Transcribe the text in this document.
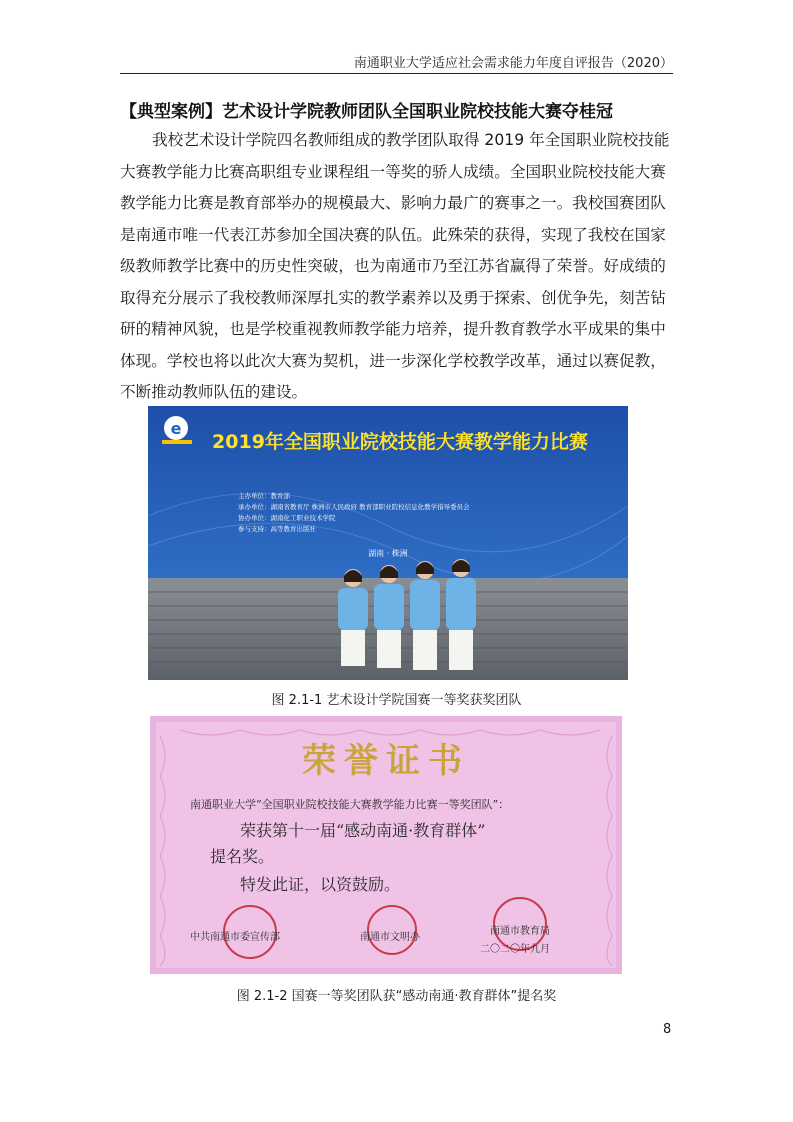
南通职业大学适应社会需求能力年度自评报告（2020）
【典型案例】艺术设计学院教师团队全国职业院校技能大赛夺桂冠
我校艺术设计学院四名教师组成的教学团队取得 2019 年全国职业院校技能
大赛教学能力比赛高职组专业课程组一等奖的骄人成绩。全国职业院校技能大赛
教学能力比赛是教育部举办的规模最大、影响力最广的赛事之一。我校国赛团队
是南通市唯一代表江苏参加全国决赛的队伍。此殊荣的获得，实现了我校在国家
级教师教学比赛中的历史性突破，也为南通市乃至江苏省赢得了荣誉。好成绩的
取得充分展示了我校教师深厚扎实的教学素养以及勇于探索、创优争先，刻苦钻
研的精神风貌，也是学校重视教师教学能力培养，提升教育教学水平成果的集中
体现。学校也将以此次大赛为契机，进一步深化学校教学改革，通过以赛促教，
不断推动教师队伍的建设。
e
2019年全国职业院校技能大赛教学能力比赛
主办单位：教育部
承办单位：湖南省教育厅 株洲市人民政府 教育部职业院校信息化教学指导委员会
协办单位：湖南化工职业技术学院
参与支持：高等教育出版社
湖南 · 株洲
图 2.1-1 艺术设计学院国赛一等奖获奖团队
荣誉证书
南通职业大学“全国职业院校技能大赛教学能力比赛一等奖团队”：
荣获第十一届“感动南通·教育群体”
提名奖。
特发此证，以资鼓励。
中共南通市委宣传部	南通市文明办
南通市教育局
二〇二〇年九月
图 2.1-2 国赛一等奖团队获“感动南通·教育群体”提名奖
8
